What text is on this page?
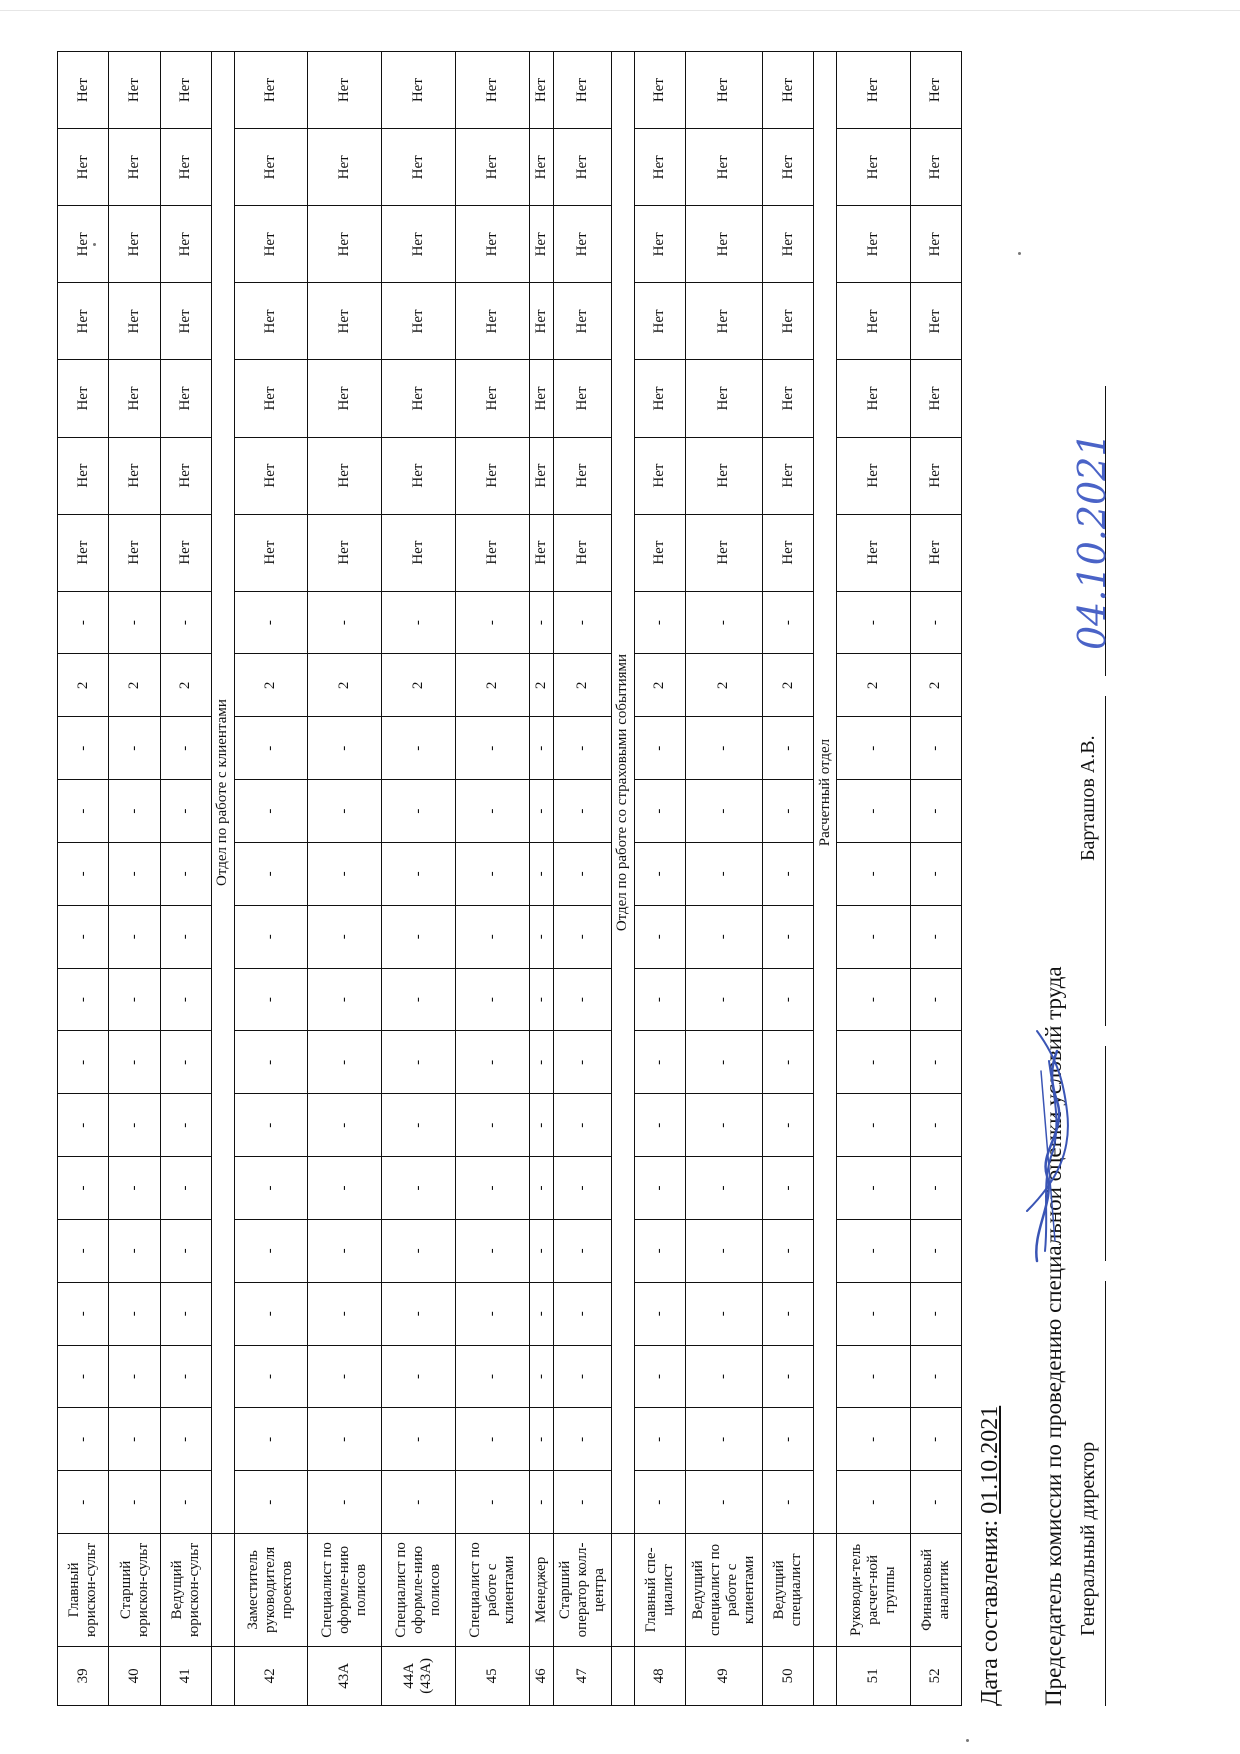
39	Главный юрискон-сульт	-	-	-	-	-	-	-	-	-	-	-	-	-	2	-	Нет	Нет	Нет	Нет	Нет	Нет	Нет
40	Старший юрискон-сульт	-	-	-	-	-	-	-	-	-	-	-	-	-	2	-	Нет	Нет	Нет	Нет	Нет	Нет	Нет
41	Ведущий юрискон-сульт	-	-	-	-	-	-	-	-	-	-	-	-	-	2	-	Нет	Нет	Нет	Нет	Нет	Нет	Нет
		Отдел по работе с клиентами																					
42	Заместитель руководителя проектов	-	-	-	-	-	-	-	-	-	-	-	-	-	2	-	Нет	Нет	Нет	Нет	Нет	Нет	Нет
43А	Специалист по оформле-нию полисов	-	-	-	-	-	-	-	-	-	-	-	-	-	2	-	Нет	Нет	Нет	Нет	Нет	Нет	Нет
44А (43А)	Специалист по оформле-нию полисов	-	-	-	-	-	-	-	-	-	-	-	-	-	2	-	Нет	Нет	Нет	Нет	Нет	Нет	Нет
45	Специалист по работе с клиентами	-	-	-	-	-	-	-	-	-	-	-	-	-	2	-	Нет	Нет	Нет	Нет	Нет	Нет	Нет
46	Менеджер	-	-	-	-	-	-	-	-	-	-	-	-	-	2	-	Нет	Нет	Нет	Нет	Нет	Нет	Нет
47	Старший оператор колл-центра	-	-	-	-	-	-	-	-	-	-	-	-	-	2	-	Нет	Нет	Нет	Нет	Нет	Нет	Нет
		Отдел по работе со страховыми событиями																					
48	Главный спе-циалист	-	-	-	-	-	-	-	-	-	-	-	-	-	2	-	Нет	Нет	Нет	Нет	Нет	Нет	Нет
49	Ведущий специалист по работе с клиентами	-	-	-	-	-	-	-	-	-	-	-	-	-	2	-	Нет	Нет	Нет	Нет	Нет	Нет	Нет
50	Ведущий специалист	-	-	-	-	-	-	-	-	-	-	-	-	-	2	-	Нет	Нет	Нет	Нет	Нет	Нет	Нет
		Расчетный отдел																					
51	Руководи-тель расчет-ной группы	-	-	-	-	-	-	-	-	-	-	-	-	-	2	-	Нет	Нет	Нет	Нет	Нет	Нет	Нет
52	Финансовый аналитик	-	-	-	-	-	-	-	-	-	-	-	-	-	2	-	Нет	Нет	Нет	Нет	Нет	Нет	Нет
Дата составления: 01.10.2021 Председатель комиссии по проведению специальной оценки условий труда Генеральный директор
Барташов А.В.
04.10.2021
